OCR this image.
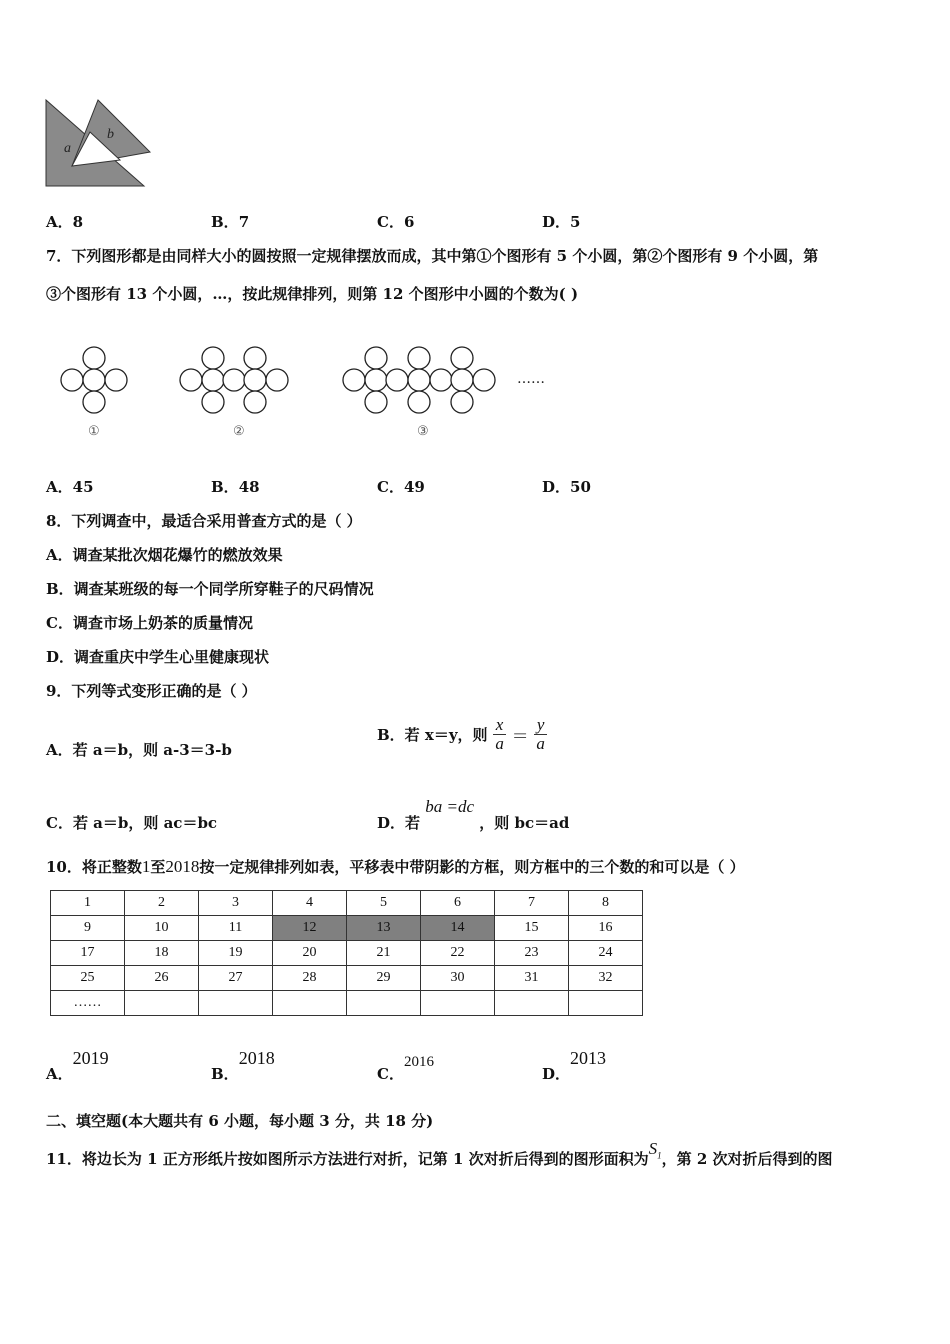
a
b
A．8	B．7	C．6	D．5
7．下列图形都是由同样大小的圆按照一定规律摆放而成，其中第①个图形有 5 个小圆，第②个图形有 9 个小圆，第
③个图形有 13 个小圆，…，按此规律排列，则第 12 个图形中小圆的个数为( )
①	②	③
……
A．45	B．48	C．49	D．50
8．下列调查中，最适合采用普查方式的是（ ）
A．调查某批次烟花爆竹的燃放效果
B．调查某班级的每一个同学所穿鞋子的尺码情况
C．调查市场上奶茶的质量情况
D．调查重庆中学生心里健康现状
9．下列等式变形正确的是（ ）
A．若 a＝b，则 a-3＝3-b
B．若 x＝y，则 $\frac{x}{a} = \frac{y}{a}$
C．若 a＝b，则 ac＝bc	D．若 ba =dc ，则 bc＝ad
10．将正整数1至2018按一定规律排列如表，平移表中带阴影的方框，则方框中的三个数的和可以是（ ）
1	2	3	4	5	6	7	8
9	10	11	12	13	14	15	16
17	18	19	20	21	22	23	24
25	26	27	28	29	30	31	32
……							
A．2019
B．2018
C．2016
D．2013
二、填空题(本大题共有 6 小题，每小题 3 分，共 18 分)
11．将边长为 1 正方形纸片按如图所示方法进行对折，记第 1 次对折后得到的图形面积为$S_1$，第 2 次对折后得到的图
